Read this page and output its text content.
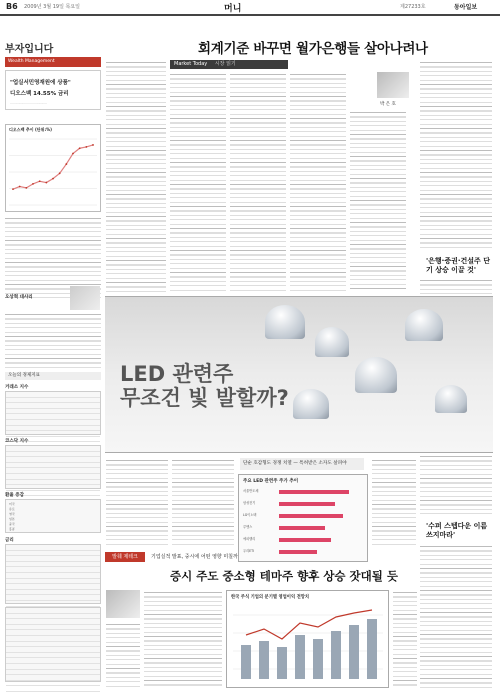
B6 2009년 3월 19일 목요일	머니	제27233호	동아일보
부자입니다
Wealth Management
"업실서민영재원에 상품"
디오스백 14.55% 금리
·······································
디오스백 추이 (단위:%)
오상혁 대사리
오늘의 경제지표
거래소 지수
코스닥 지수
환율 증감
미국
유로
영국
일본
중국
홍콩
금리
회계기준 바꾸면 월가은행들 살아나려나
Market Today 시장 읽기
박 은 호
'은행·증권·건설주 단기 상승 이끌 것'
'수퍼 스텝다운 이름 쓰지마라'
LED 관련주
무조건 빛 발할까?
단순 호감형도 경쟁 치열 — 특허받은 소자도 살펴야
주요 LED 관련주 주가 추이
서울반도체
삼성전기
LG이노텍
루멘스
에피밸리
우리ETI
발췌 제테크	기업실적 발표, 중시에 어떤 영향 미칠까
증시 주도 중소형 테마주 향후 상승 잣대될 듯
한국 주식 기업의 분기별 영업이익 전망치
